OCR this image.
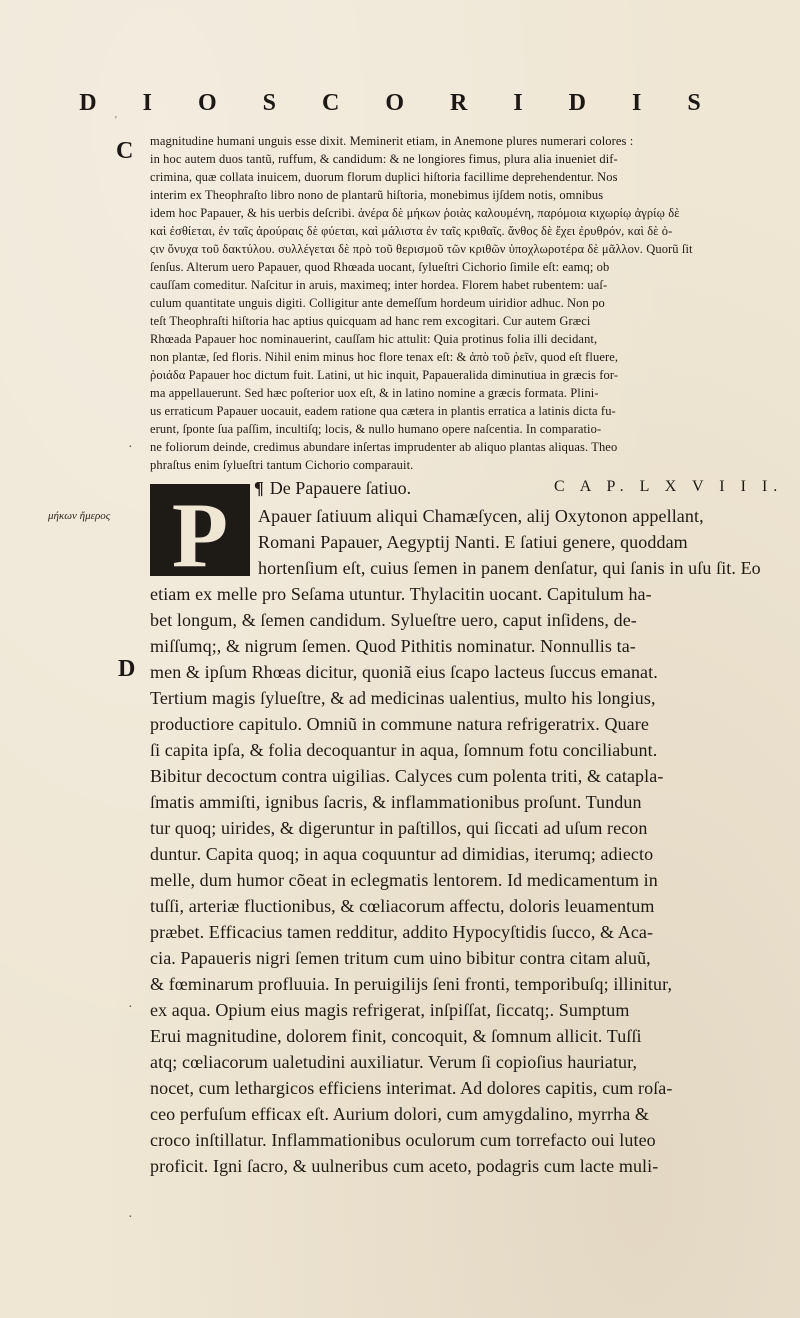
D I O S C O R I D I S
'
C
D
μήκων ἥμερος
magnitudine humani unguis esse dixit. Meminerit etiam, in Anemone plures numerari colores :
in hoc autem duos tantũ, ruffum, & candidum: & ne longiores fimus, plura alia inueniet dif-
crimina, quæ collata inuicem, duorum florum duplici hiſtoria facillime deprehendentur. Nos
interim ex Theophraſto libro nono de plantarũ hiſtoria, monebimus ijſdem notis, omnibus
idem hoc Papauer, & his uerbis deſcribi. ἀνέρα δὲ μήκων ῥοιὰς καλουμένη, παρόμοια κιχωρίῳ ἀγρίῳ δὲ
καὶ ἐσθίεται, ἐν ταῖς ἀρούραις δὲ φύεται, καὶ μάλιστα ἐν ταῖς κριθαῖς. ἄνθος δὲ ἔχει ἐρυθρόν, καὶ δὲ ὀ-
ϛιν ὄνυχα τοῦ δακτύλου. συλλέγεται δὲ πρὸ τοῦ θερισμοῦ τῶν κριθῶν ὑποχλωροτέρα δὲ μᾶλλον. Quorũ ſit
ſenſus. Alterum uero Papauer, quod Rhœada uocant, ſylueſtri Cichorio ſimile eſt: eamq; ob
cauſſam comeditur. Naſcitur in aruis, maximeq; inter hordea. Florem habet rubentem: uaſ-
culum quantitate unguis digiti. Colligitur ante demeſſum hordeum uiridior adhuc. Non po
teſt Theophraſti hiſtoria hac aptius quicquam ad hanc rem excogitari. Cur autem Græci
Rhœada Papauer hoc nominauerint, cauſſam hic attulit: Quia protinus folia illi decidant,
non plantæ, ſed floris. Nihil enim minus hoc flore tenax eſt: & ἀπὸ τοῦ ῥεῖν, quod eſt fluere,
ῥοιάδα Papauer hoc dictum fuit. Latini, ut hic inquit, Papaueralida diminutiua in græcis for-
ma appellauerunt. Sed hæc poſterior uox eſt, & in latino nomine a græcis formata. Plini-
us erraticum Papauer uocauit, eadem ratione qua cætera in plantis erratica a latinis dicta fu-
erunt, ſponte ſua paſſim, incultiſq; locis, & nullo humano opere naſcentia. In comparatio-
ne foliorum deinde, credimus abundare inſertas imprudenter ab aliquo plantas aliquas. Theo
phraſtus enim ſylueſtri tantum Cichorio comparauit.
P	¶ De Papauere ſatiuo.	C A P. L X V I I I.
Apauer ſatiuum aliqui Chamæſycen, alij Oxytonon appellant,
Romani Papauer, Aegyptij Nanti. E ſatiui genere, quoddam
hortenſium eſt, cuius ſemen in panem denſatur, qui ſanis in uſu ſit. Eo
etiam ex melle pro Seſama utuntur. Thylacitin uocant. Capitulum ha-
bet longum, & ſemen candidum. Sylueſtre uero, caput inſidens, de-
miſſumq;, & nigrum ſemen. Quod Pithitis nominatur. Nonnullis ta-
men & ipſum Rhœas dicitur, quoniã eius ſcapo lacteus ſuccus emanat.
Tertium magis ſylueſtre, & ad medicinas ualentius, multo his longius,
productiore capitulo. Omniũ in commune natura refrigeratrix. Quare
ſi capita ipſa, & folia decoquantur in aqua, ſomnum fotu conciliabunt.
Bibitur decoctum contra uigilias. Calyces cum polenta triti, & catapla-
ſmatis ammiſti, ignibus ſacris, & inflammationibus proſunt. Tundun
tur quoq; uirides, & digeruntur in paſtillos, qui ſiccati ad uſum recon
duntur. Capita quoq; in aqua coquuntur ad dimidias, iterumq; adiecto
melle, dum humor cõeat in eclegmatis lentorem. Id medicamentum in
tuſſi, arteriæ fluctionibus, & cœliacorum affectu, doloris leuamentum
præbet. Efficacius tamen redditur, addito Hypocyſtidis ſucco, & Aca-
cia. Papaueris nigri ſemen tritum cum uino bibitur contra citam aluũ,
& fœminarum profluuia. In peruigilijs ſeni fronti, temporibuſq; illinitur,
ex aqua. Opium eius magis refrigerat, inſpiſſat, ſiccatq;. Sumptum
Erui magnitudine, dolorem finit, concoquit, & ſomnum allicit. Tuſſi
atq; cœliacorum ualetudini auxiliatur. Verum ſi copioſius hauriatur,
nocet, cum lethargicos efficiens interimat. Ad dolores capitis, cum roſa-
ceo perfuſum efficax eſt. Aurium dolori, cum amygdalino, myrrha &
croco inſtillatur. Inflammationibus oculorum cum torrefacto oui luteo
proficit. Igni ſacro, & uulneribus cum aceto, podagris cum lacte muli-
·
·
·
